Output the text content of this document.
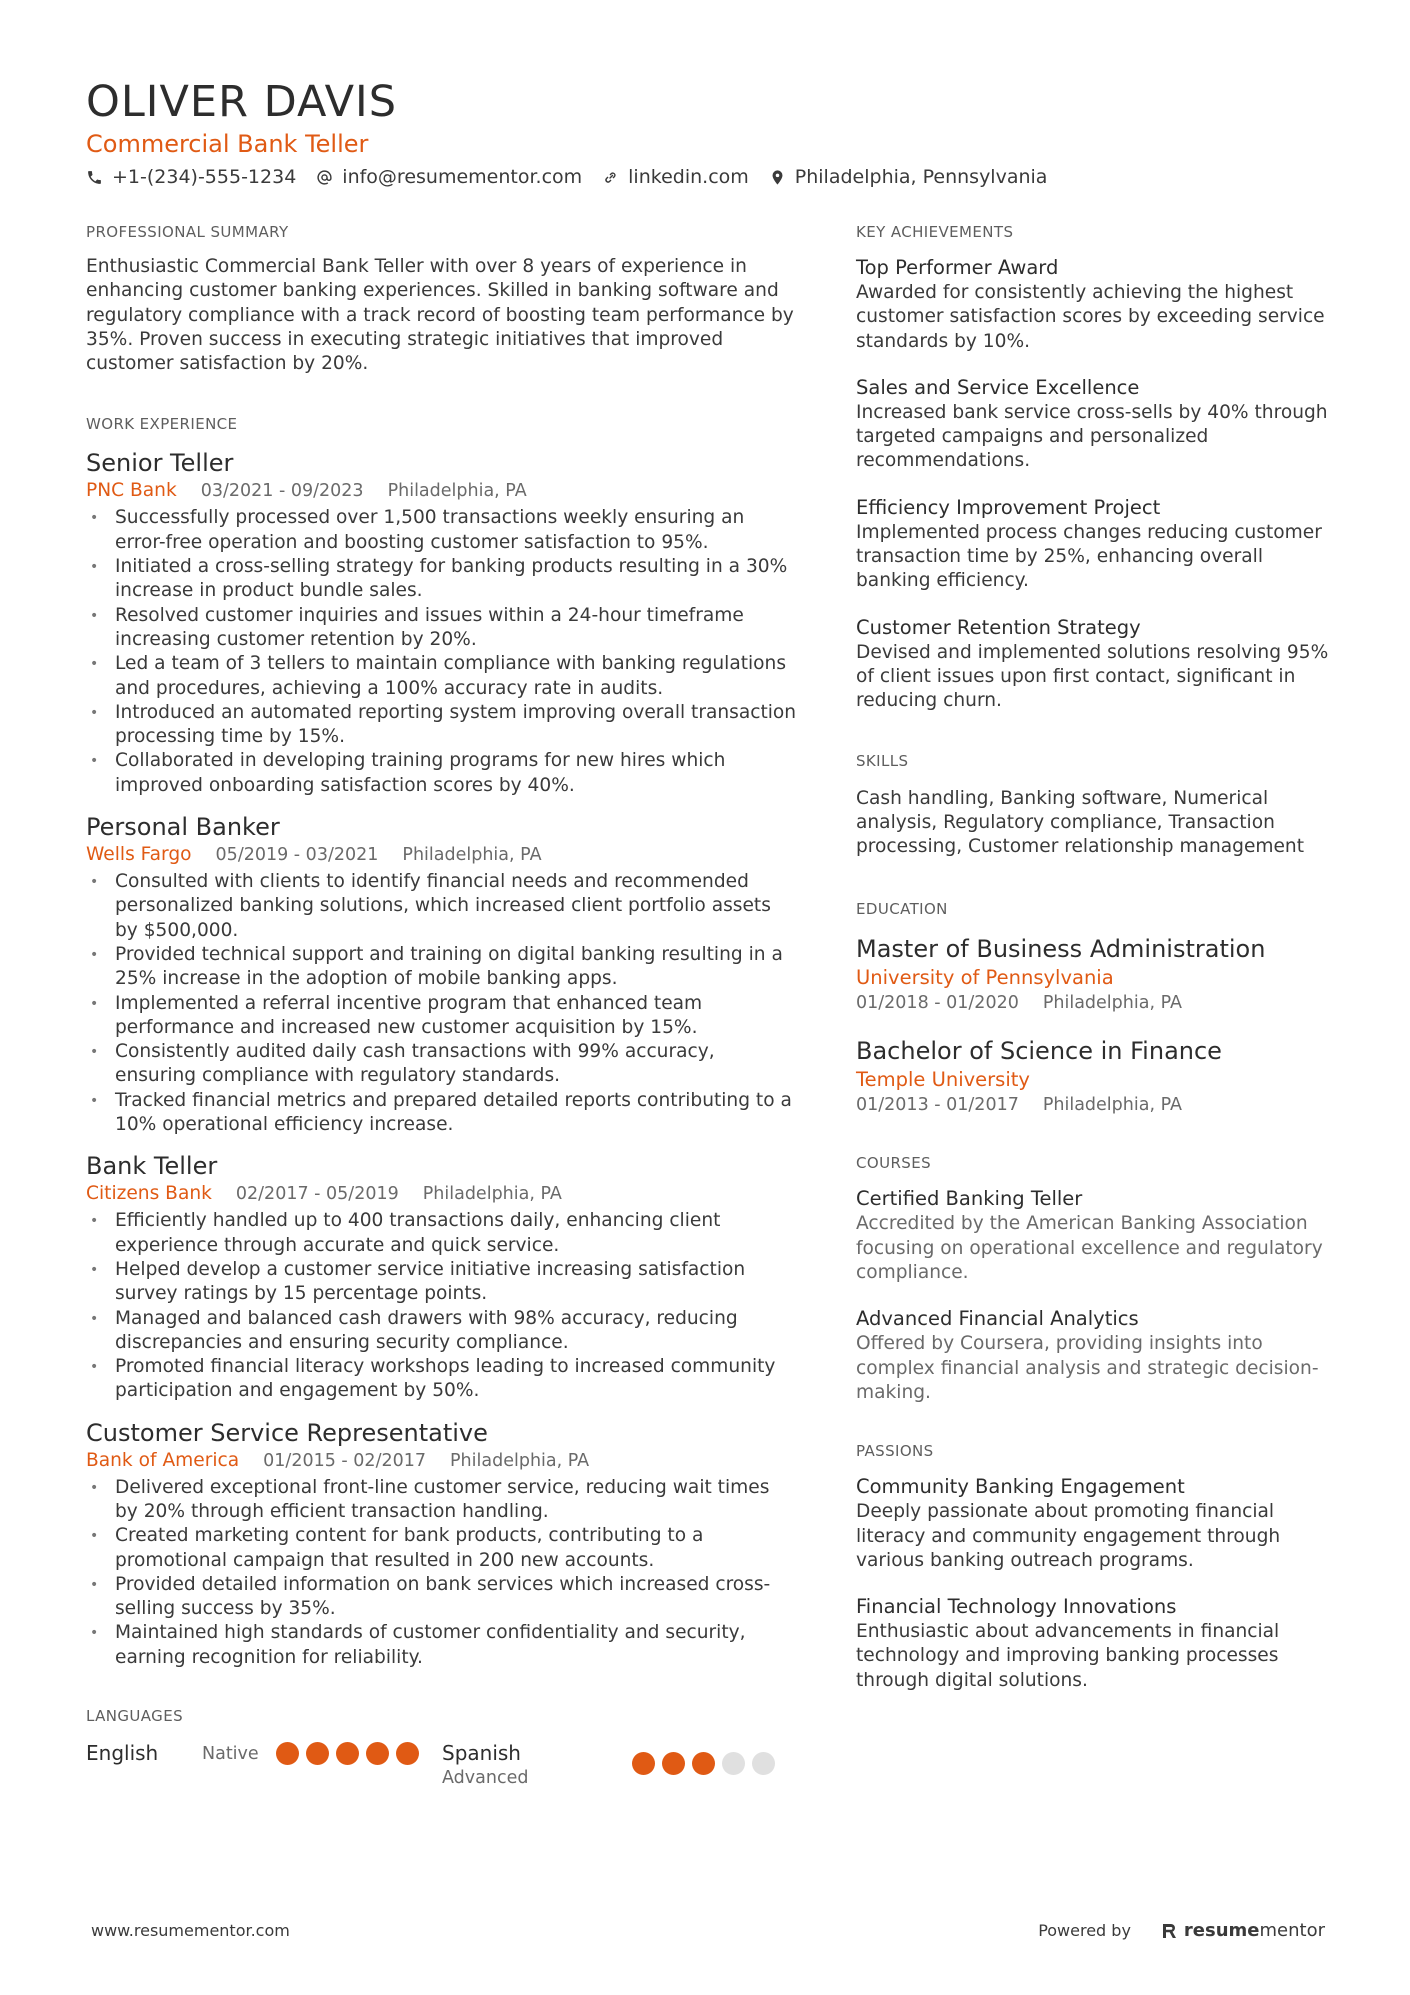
OLIVER DAVIS
Commercial Bank Teller
+1-(234)-555-1234 info@resumementor.com linkedin.com Philadelphia, Pennsylvania
PROFESSIONAL SUMMARY
Enthusiastic Commercial Bank Teller with over 8 years of experience in enhancing customer banking experiences. Skilled in banking software and regulatory compliance with a track record of boosting team performance by 35%. Proven success in executing strategic initiatives that improved customer satisfaction by 20%.
WORK EXPERIENCE
Senior Teller
PNC Bank 03/2021 - 09/2023 Philadelphia, PA
• Successfully processed over 1,500 transactions weekly ensuring an error-free operation and boosting customer satisfaction to 95%.
• Initiated a cross-selling strategy for banking products resulting in a 30% increase in product bundle sales.
• Resolved customer inquiries and issues within a 24-hour timeframe increasing customer retention by 20%.
• Led a team of 3 tellers to maintain compliance with banking regulations and procedures, achieving a 100% accuracy rate in audits.
• Introduced an automated reporting system improving overall transaction processing time by 15%.
• Collaborated in developing training programs for new hires which improved onboarding satisfaction scores by 40%.
Personal Banker
Wells Fargo 05/2019 - 03/2021 Philadelphia, PA
• Consulted with clients to identify financial needs and recommended personalized banking solutions, which increased client portfolio assets by $500,000.
• Provided technical support and training on digital banking resulting in a 25% increase in the adoption of mobile banking apps.
• Implemented a referral incentive program that enhanced team performance and increased new customer acquisition by 15%.
• Consistently audited daily cash transactions with 99% accuracy, ensuring compliance with regulatory standards.
• Tracked financial metrics and prepared detailed reports contributing to a 10% operational efficiency increase.
Bank Teller
Citizens Bank 02/2017 - 05/2019 Philadelphia, PA
• Efficiently handled up to 400 transactions daily, enhancing client experience through accurate and quick service.
• Helped develop a customer service initiative increasing satisfaction survey ratings by 15 percentage points.
• Managed and balanced cash drawers with 98% accuracy, reducing discrepancies and ensuring security compliance.
• Promoted financial literacy workshops leading to increased community participation and engagement by 50%.
Customer Service Representative
Bank of America 01/2015 - 02/2017 Philadelphia, PA
• Delivered exceptional front-line customer service, reducing wait times by 20% through efficient transaction handling.
• Created marketing content for bank products, contributing to a promotional campaign that resulted in 200 new accounts.
• Provided detailed information on bank services which increased cross-selling success by 35%.
• Maintained high standards of customer confidentiality and security, earning recognition for reliability.
LANGUAGES
English	Native	Spanish
Advanced
KEY ACHIEVEMENTS
Top Performer Award
Awarded for consistently achieving the highest customer satisfaction scores by exceeding service standards by 10%.
Sales and Service Excellence
Increased bank service cross-sells by 40% through targeted campaigns and personalized recommendations.
Efficiency Improvement Project
Implemented process changes reducing customer transaction time by 25%, enhancing overall banking efficiency.
Customer Retention Strategy
Devised and implemented solutions resolving 95% of client issues upon first contact, significant in reducing churn.
SKILLS
Cash handling, Banking software, Numerical analysis, Regulatory compliance, Transaction processing, Customer relationship management
EDUCATION
Master of Business Administration
University of Pennsylvania
01/2018 - 01/2020 Philadelphia, PA
Bachelor of Science in Finance
Temple University
01/2013 - 01/2017 Philadelphia, PA
COURSES
Certified Banking Teller
Accredited by the American Banking Association focusing on operational excellence and regulatory compliance.
Advanced Financial Analytics
Offered by Coursera, providing insights into complex financial analysis and strategic decision-making.
PASSIONS
Community Banking Engagement
Deeply passionate about promoting financial literacy and community engagement through various banking outreach programs.
Financial Technology Innovations
Enthusiastic about advancements in financial technology and improving banking processes through digital solutions.
www.resumementor.com	Powered by	resume mentor
